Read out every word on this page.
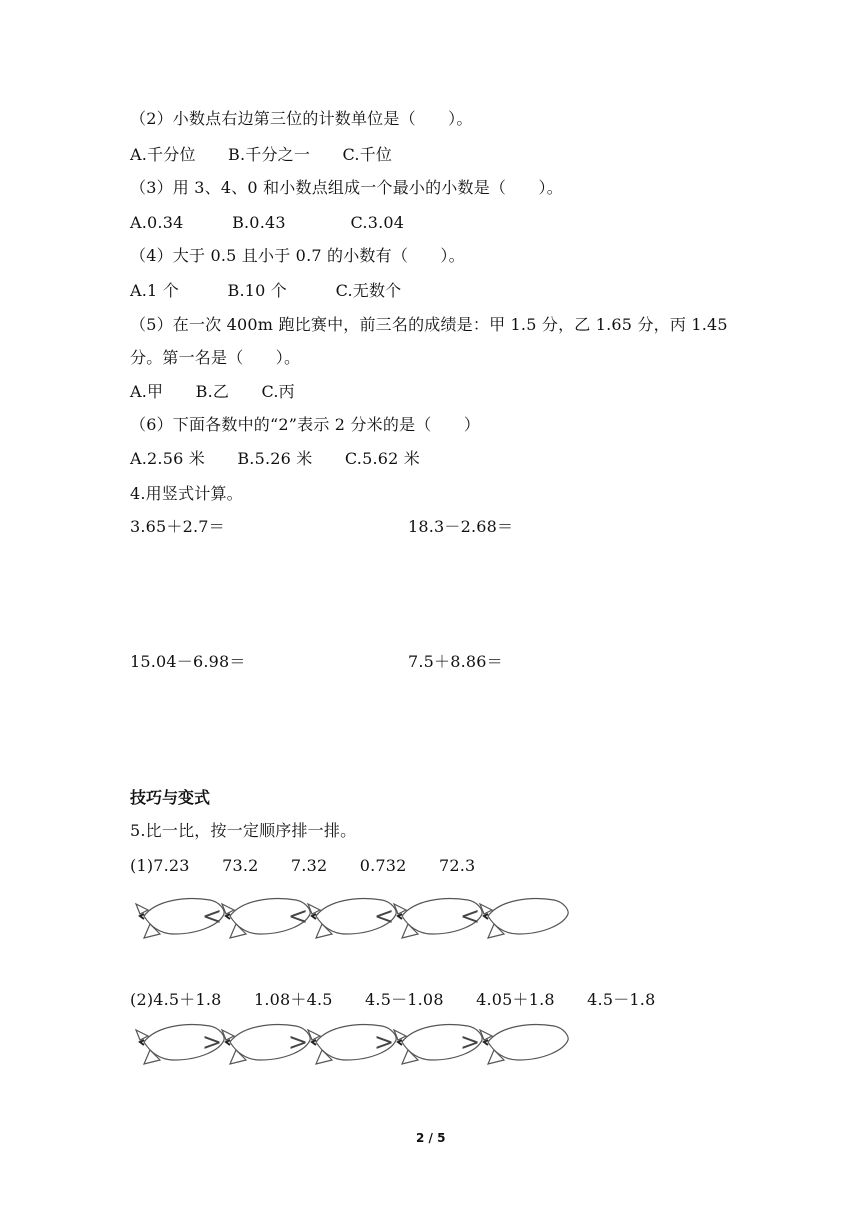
（2）小数点右边第三位的计数单位是（　　）。
A.千分位　　B.千分之一　　C.千位
（3）用 3、4、0 和小数点组成一个最小的小数是（　　）。
A.0.34　　　B.0.43　　　　C.3.04
（4）大于 0.5 且小于 0.7 的小数有（　　）。
A.1 个　　　B.10 个　　　C.无数个
（5）在一次 400m 跑比赛中，前三名的成绩是：甲 1.5 分，乙 1.65 分，丙 1.45
分。第一名是（　　）。
A.甲　　B.乙　　C.丙
（6）下面各数中的“2”表示 2 分米的是（　　）
A.2.56 米　　B.5.26 米　　C.5.62 米
4.用竖式计算。
3.65＋2.7＝	18.3－2.68＝
15.04－6.98＝	7.5＋8.86＝
技巧与变式
5.比一比，按一定顺序排一排。
(1)7.23　　73.2　　7.32　　0.732　　72.3
<	<	<	<
(2)4.5＋1.8　　1.08＋4.5　　4.5－1.08　　4.05＋1.8　　4.5－1.8
>	>	>	>
2 / 5
